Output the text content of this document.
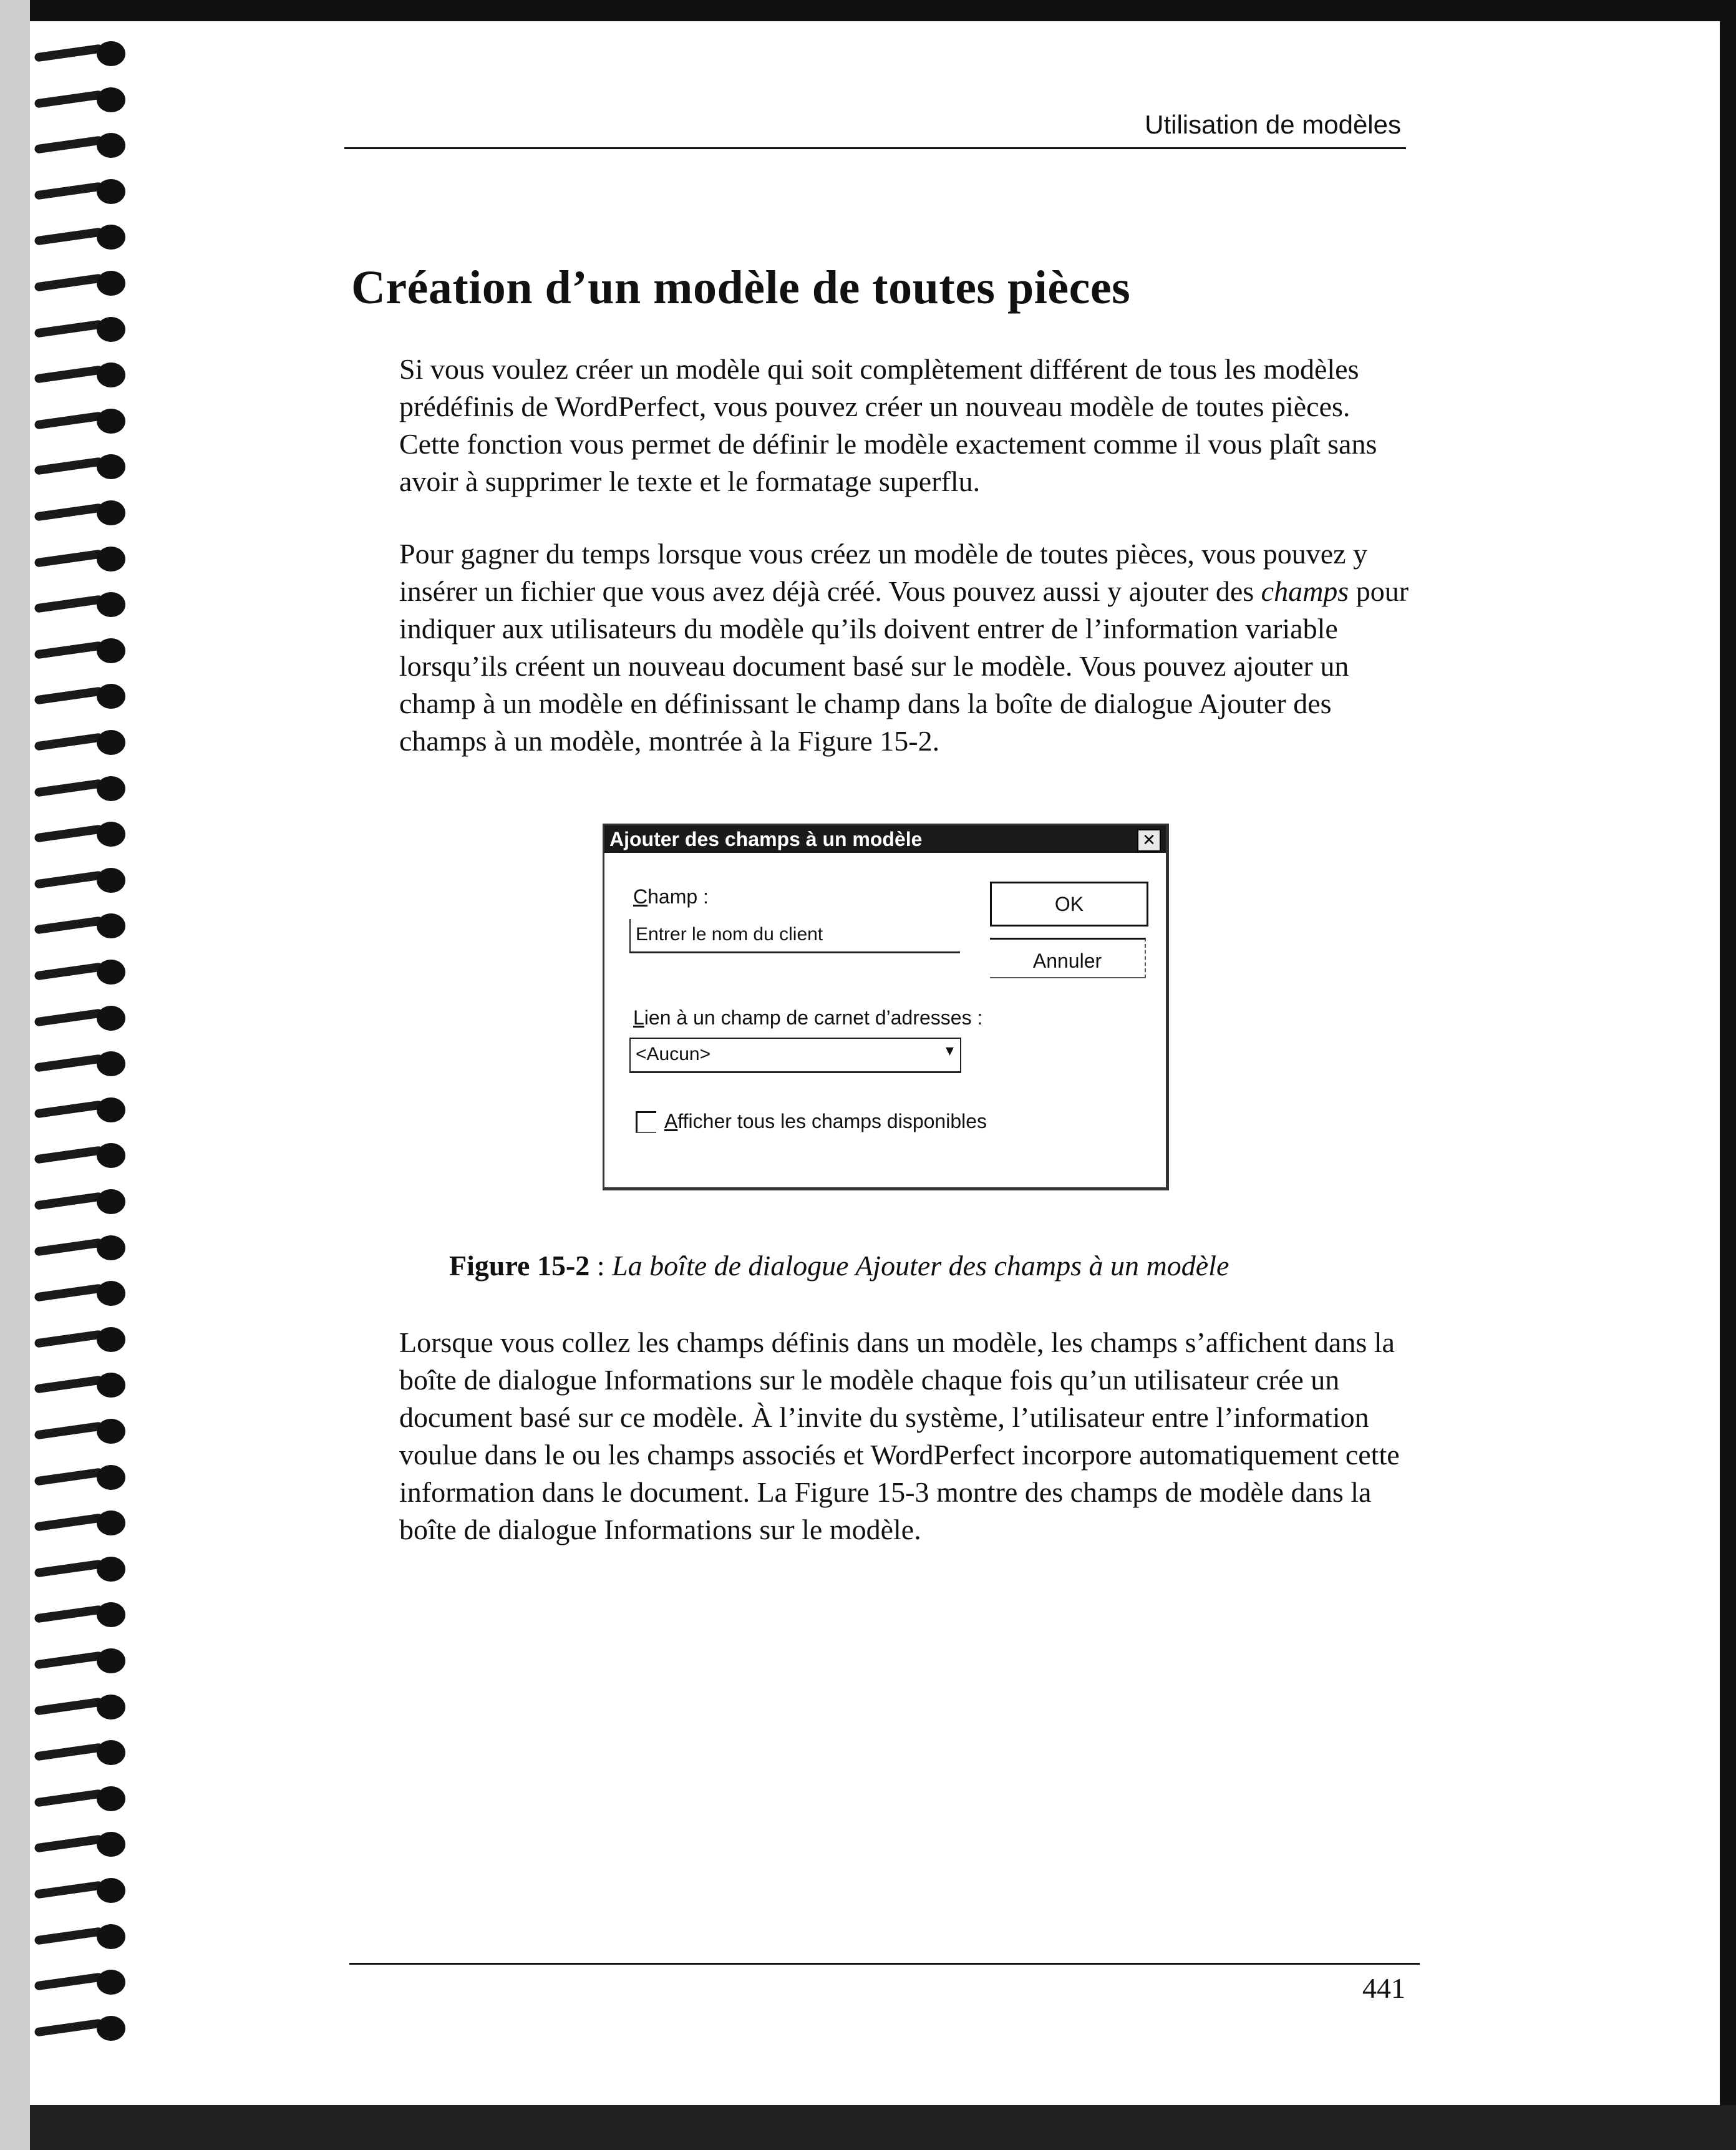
Utilisation de modèles
Création d’un modèle de toutes pièces

Si vous voulez créer un modèle qui soit complètement différent de tous les modèles prédéfinis de WordPerfect, vous pouvez créer un nouveau modèle de toutes pièces. Cette fonction vous permet de définir le modèle exactement comme il vous plaît sans avoir à supprimer le texte et le formatage superflu.

Pour gagner du temps lorsque vous créez un modèle de toutes pièces, vous pouvez y insérer un fichier que vous avez déjà créé. Vous pouvez aussi y ajouter des champs pour indiquer aux utilisateurs du modèle qu’ils doivent entrer de l’information variable lorsqu’ils créent un nouveau document basé sur le modèle. Vous pouvez ajouter un champ à un modèle en définissant le champ dans la boîte de dialogue Ajouter des champs à un modèle, montrée à la Figure 15-2.

Ajouter des champs à un modèle	✕
Champ :
Entrer le nom du client
OK
Annuler
Lien à un champ de carnet d’adresses :
<Aucun>	▾
Afficher tous les champs disponibles

Figure 15-2 : La boîte de dialogue Ajouter des champs à un modèle

Lorsque vous collez les champs définis dans un modèle, les champs s’affichent dans la boîte de dialogue Informations sur le modèle chaque fois qu’un utilisateur crée un document basé sur ce modèle. À l’invite du système, l’utilisateur entre l’information voulue dans le ou les champs associés et WordPerfect incorpore automatiquement cette information dans le document. La Figure 15-3 montre des champs de modèle dans la boîte de dialogue Informations sur le modèle.

441
